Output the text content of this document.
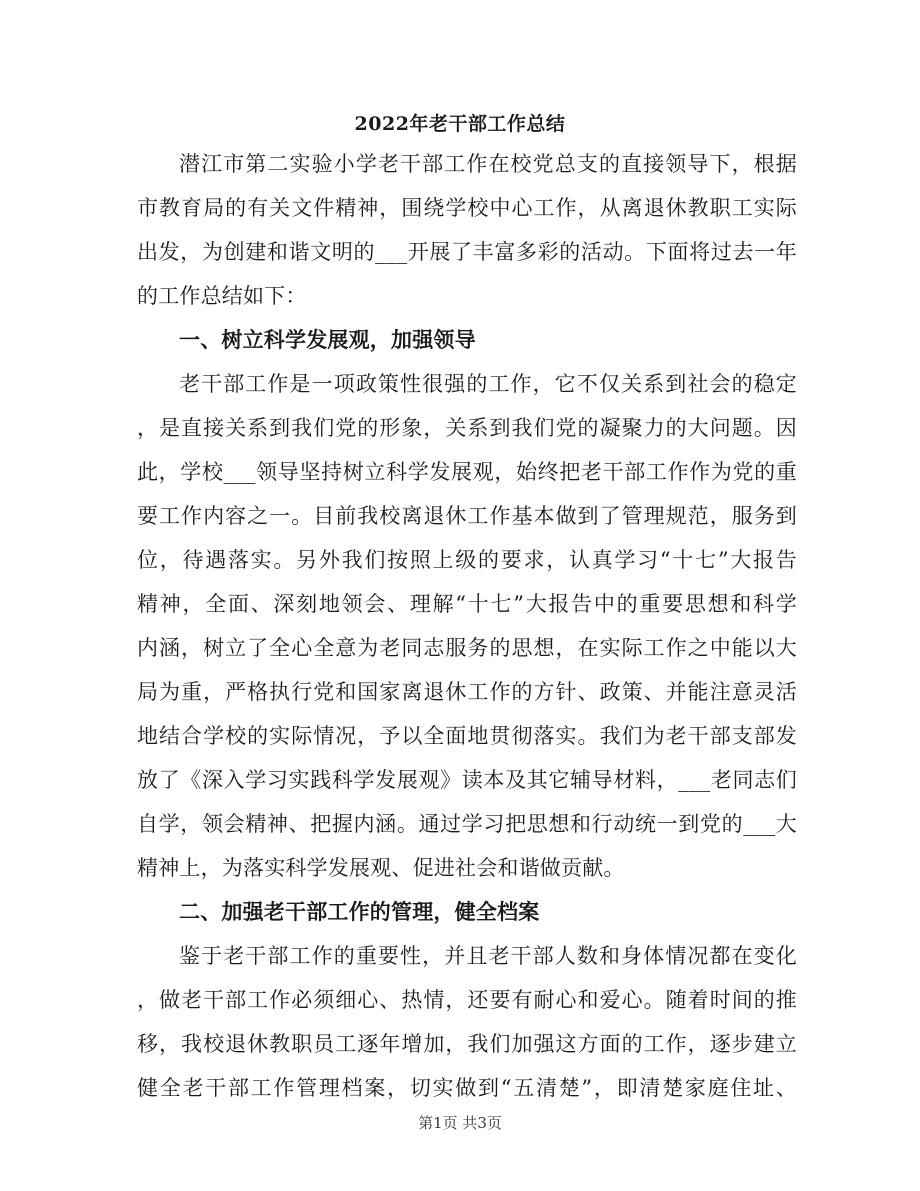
2022年老干部工作总结
潜江市第二实验小学老干部工作在校党总支的直接领导下，根据
市教育局的有关文件精神，围绕学校中心工作，从离退休教职工实际
出发，为创建和谐文明的___开展了丰富多彩的活动。下面将过去一年
的工作总结如下：
一、树立科学发展观，加强领导
老干部工作是一项政策性很强的工作，它不仅关系到社会的稳定
，是直接关系到我们党的形象，关系到我们党的凝聚力的大问题。因
此，学校___领导坚持树立科学发展观，始终把老干部工作作为党的重
要工作内容之一。目前我校离退休工作基本做到了管理规范，服务到
位，待遇落实。另外我们按照上级的要求，认真学习“十七”大报告
精神，全面、深刻地领会、理解“十七”大报告中的重要思想和科学
内涵，树立了全心全意为老同志服务的思想，在实际工作之中能以大
局为重，严格执行党和国家离退休工作的方针、政策、并能注意灵活
地结合学校的实际情况，予以全面地贯彻落实。我们为老干部支部发
放了《深入学习实践科学发展观》读本及其它辅导材料，___老同志们
自学，领会精神、把握内涵。通过学习把思想和行动统一到党的___大
精神上，为落实科学发展观、促进社会和谐做贡献。
二、加强老干部工作的管理，健全档案
鉴于老干部工作的重要性，并且老干部人数和身体情况都在变化
，做老干部工作必须细心、热情，还要有耐心和爱心。随着时间的推
移，我校退休教职员工逐年增加，我们加强这方面的工作，逐步建立
健全老干部工作管理档案，切实做到“五清楚”，即清楚家庭住址、
第1页 共3页
